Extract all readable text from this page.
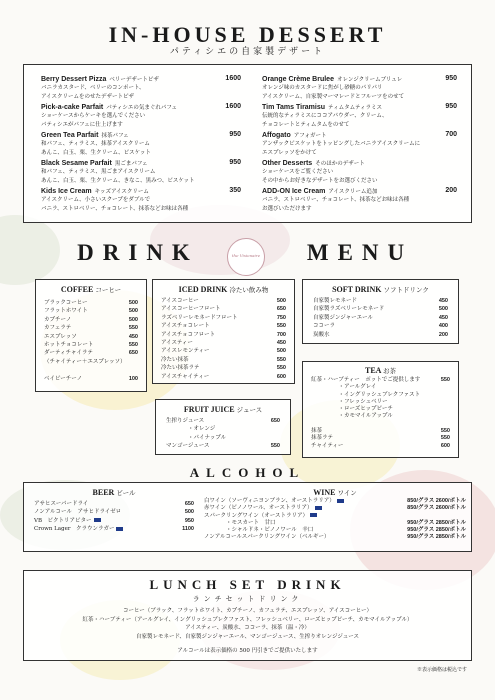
IN-HOUSE DESSERT
パティシエの自家製デザート
Berry Dessert Pizza ベリーデザートピザ	1600
バニラカスタード、ベリーのコンポート、
アイスクリームをのせたデザートピザ
Pick-a-cake Parfait パティシエの気まぐれパフェ	1600
ショーケースからケーキを選んでください
パティシエがパフェに仕上げます
Green Tea Parfait 抹茶パフェ	950
和パフェ、ティラミス、抹茶アイスクリーム
あんこ、白玉、栗、生クリーム、ビスケット
Black Sesame Parfait 黒ごまパフェ	950
和パフェ、ティラミス、黒ごまアイスクリーム
あんこ、白玉、栗、生クリーム、きなこ、黒みつ、ビスケット
Kids Ice Cream キッズアイスクリーム	350
アイスクリーム、小さいスクープをダブルで
バニラ、ストロベリー、チョコレート、抹茶などお味は各種
Orange Crème Brulee オレンジクリームブリュレ	950
オレンジ味のカスタードに焦がし砂糖のパリパリ
アイスクリーム、自家製マーマレードとフルーツをのせて
Tim Tams Tiramisu ティムタムティラミス	950
伝統的なティラミスにココアパウダー、クリーム、
チョコレートとティムタムをのせて
Affogato アフォガート	700
アンザックビスケットをトッピングしたバニラアイスクリームに
エスプレッソをかけて
Other Desserts そのほかのデザート
ショーケースをご覧ください
その中からお好きなデザートをお選びください
ADD-ON Ice Cream アイスクリーム追加	200
バニラ、ストロベリー、チョコレート、抹茶などお味は各種
お選びいただけます
DRINK	MENU
the Visionaire
COFFEE コーヒー
ブラックコーヒー	500
フラットホワイト	500
カプチーノ	500
カフェラテ	550
エスプレッソ	450
ホットチョコレート	550
ダーティチャイラテ	650
（チャイティー＋エスプレッソ）

ベイビーチーノ	100
ICED DRINK 冷たい飲み物
アイスコーヒー	500
アイスコーヒーフロート	650
ラズベリーレモネードフロート	750
アイスチョコレート	550
アイスチョコフロート	700
アイスティー	450
アイスレモンティー	500
冷たい抹茶	550
冷たい抹茶ラテ	550
アイスチャイティー	600
SOFT DRINK ソフトドリンク
自家製レモネード	450
自家製ラズベリーレモネード	500
自家製ジンジャーエール	450
ココーラ	400
炭酸水	200
FRUIT JUICE ジュース
生搾りジュース	650
　　　　・オレンジ
　　　　・パイナップル
マンゴージュース	550
TEA お茶
紅茶・ハーブティー　ポットでご提供します	550
　　　　　・アールグレイ
　　　　　・イングリッシュブレクファスト
　　　　　・フレッシュベリー
　　　　　・ローズヒップピーチ
　　　　　・カモマイルアップル

抹茶	550
抹茶ラテ	550
チャイティー	600
ALCOHOL
BEER ビール
アサヒスーパードライ	650
ノンアルコール　アサヒドライゼロ	500
VB　ビクトリアビター	950
Crown Lager　クラウンラガー	1100
WINE ワイン
白ワイン（ソーヴィニヨンブラン、オーストラリア）	850/グラス 2600/ボトル
赤ワイン（ピノノワール、オーストラリア）	850/グラス 2600/ボトル
スパークリングワイン（オーストラリア）
　　　　・モスカート　甘口	950/グラス 2850/ボトル
　　　　・シャルドネ・ピノノワール　辛口	950/グラス 2850/ボトル
ノンアルコールスパークリングワイン（ベルギー）	950/グラス 2850/ボトル
LUNCH SET DRINK
ランチセットドリンク
コーヒー（ブラック、フラットホワイト、カプチーノ、カフェラテ、エスプレッソ、アイスコーヒー）
紅茶・ハーブティー（アールグレイ、イングリッシュブレクファスト、フレッシュベリー、ローズヒップピーチ、カモマイルアップル）
アイスティー、炭酸水、ココーラ、抹茶（温・冷）
自家製レモネード、自家製ジンジャーエール、マンゴージュース、生搾りオレンジジュース
アルコールは表示価格の 500 円引きでご提供いたします
※表示価格は税込です
